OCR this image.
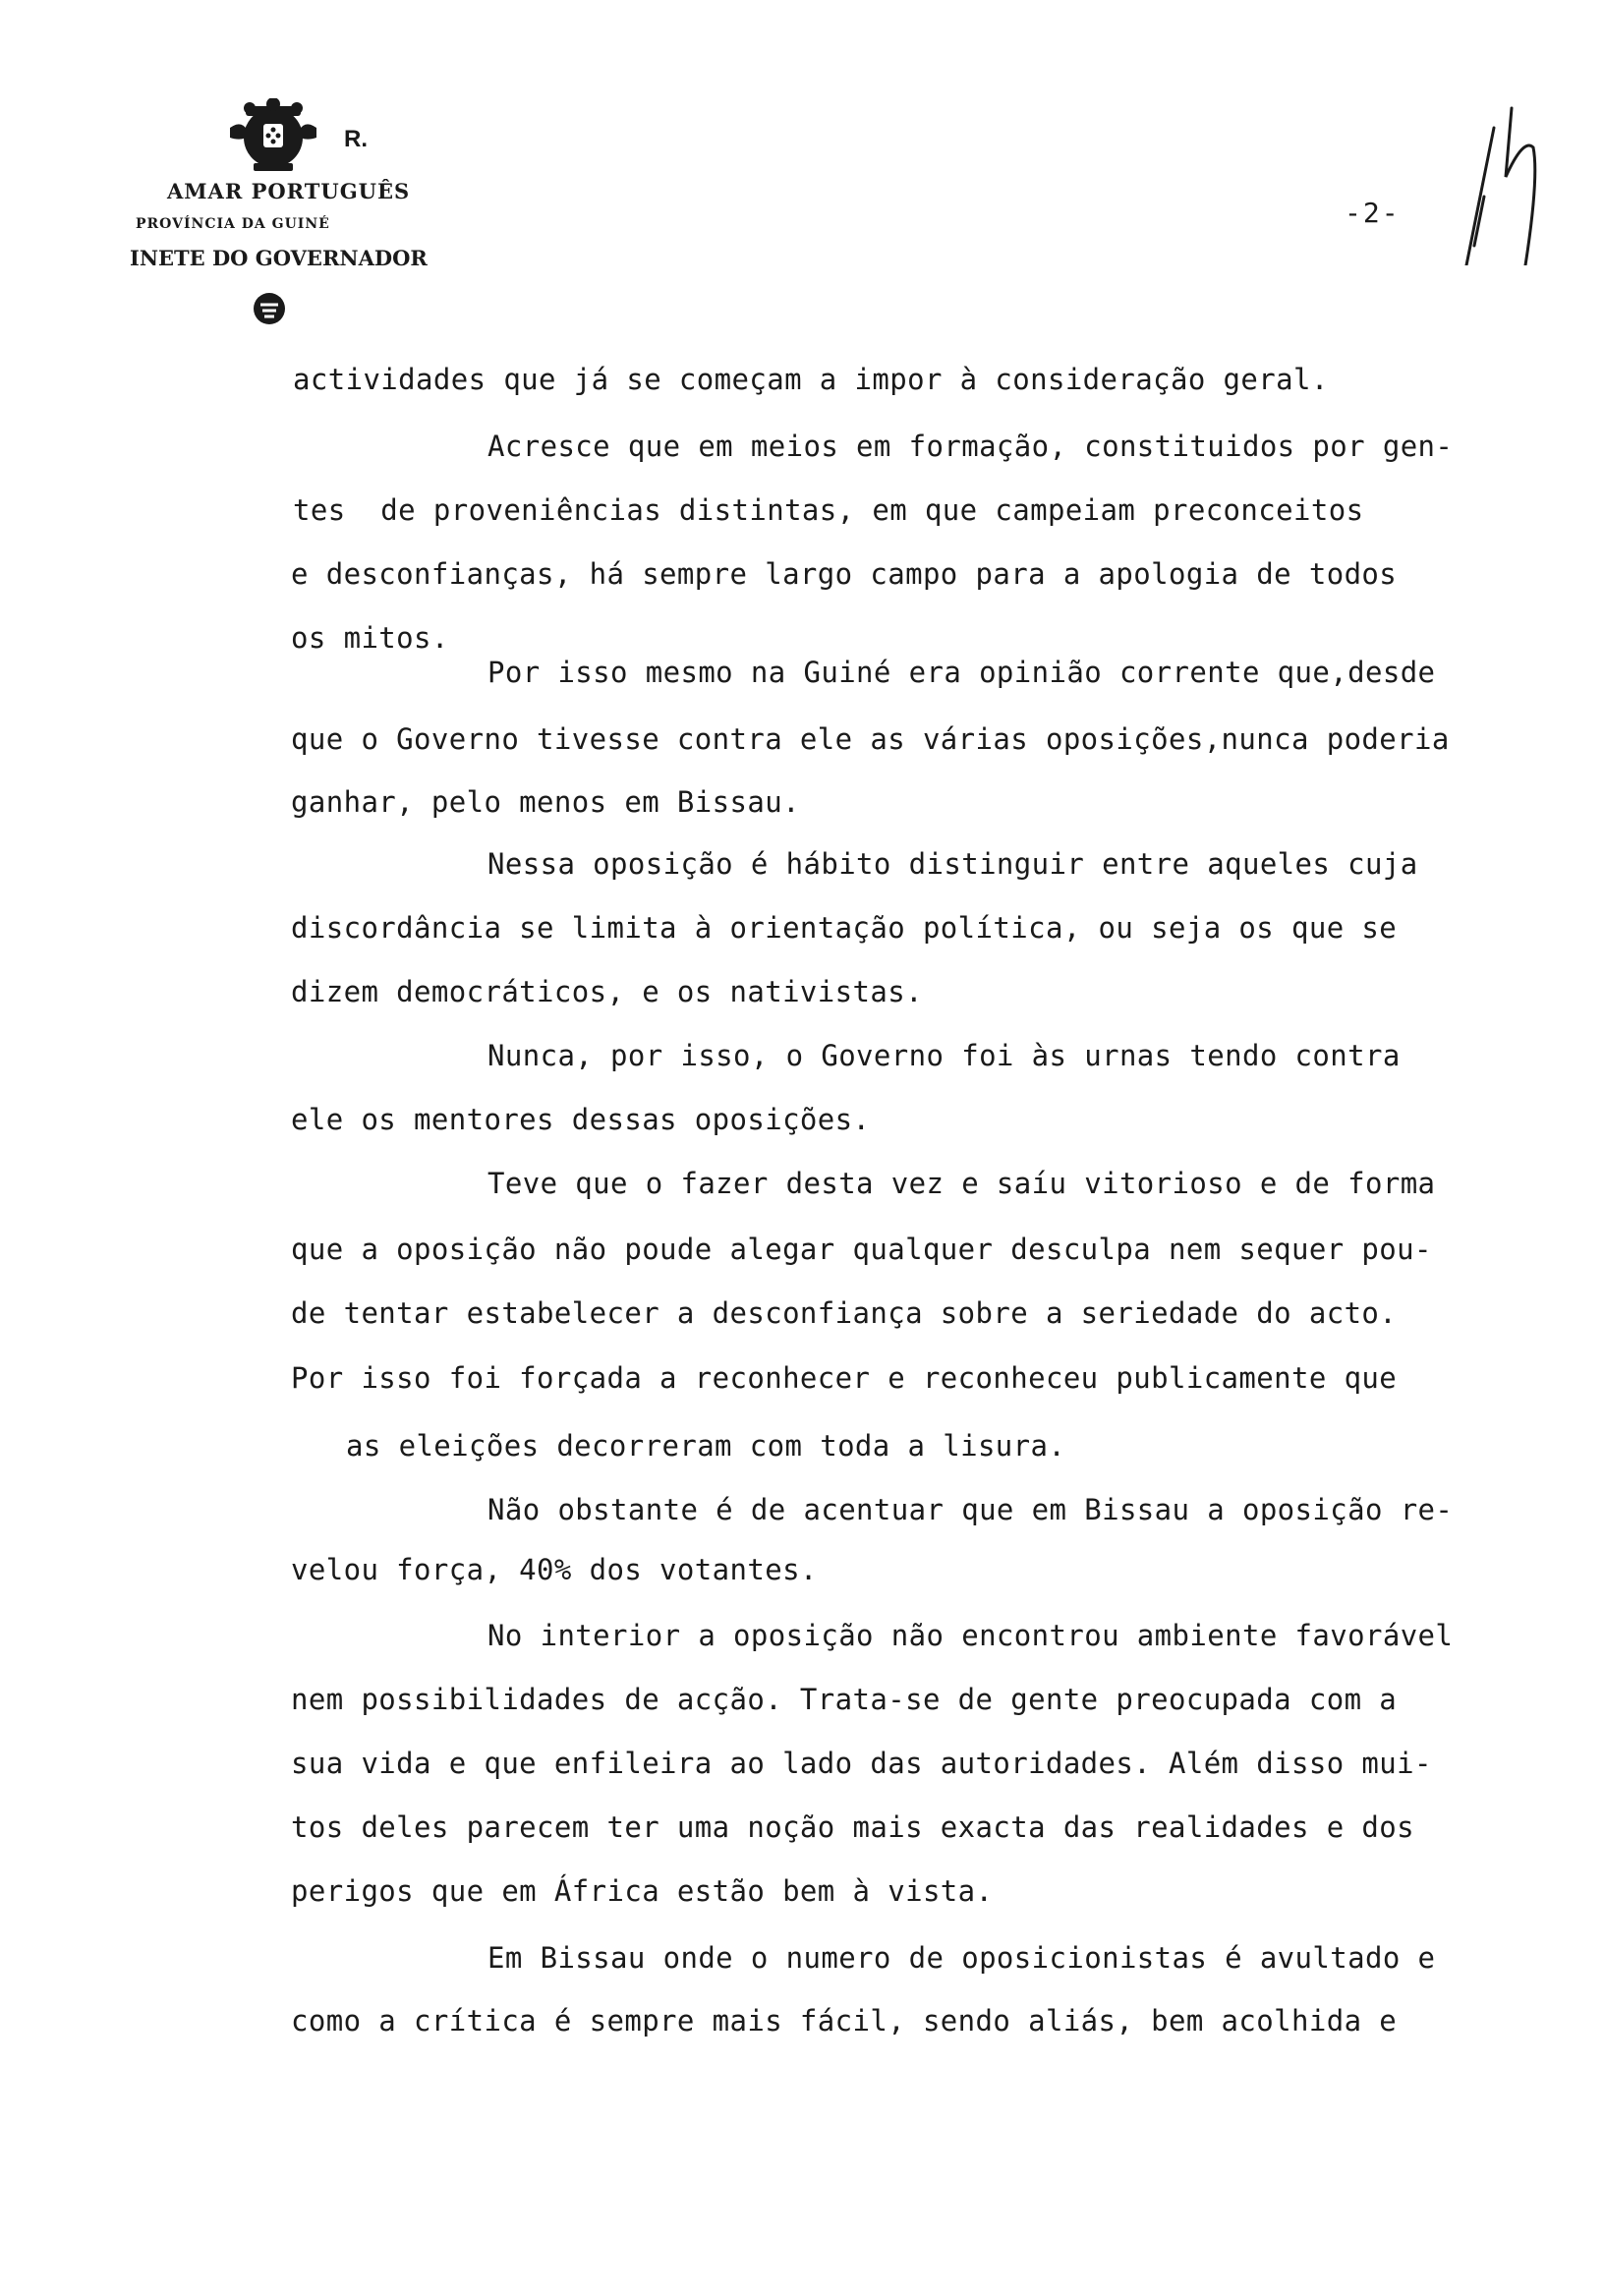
R.
AMAR PORTUGUÊS
PROVÍNCIA DA GUINÉ
INETE DO GOVERNADOR
-2-
actividades que já se começam a impor à consideração geral.
Acresce que em meios em formação, constituidos por gen-
tes  de proveniências distintas, em que campeiam preconceitos
e desconfianças, há sempre largo campo para a apologia de todos
os mitos.
Por isso mesmo na Guiné era opinião corrente que,desde
que o Governo tivesse contra ele as várias oposições,nunca poderia
ganhar, pelo menos em Bissau.
Nessa oposição é hábito distinguir entre aqueles cuja
discordância se limita à orientação política, ou seja os que se
dizem democráticos, e os nativistas.
Nunca, por isso, o Governo foi às urnas tendo contra
ele os mentores dessas oposições.
Teve que o fazer desta vez e saíu vitorioso e de forma
que a oposição não poude alegar qualquer desculpa nem sequer pou-
de tentar estabelecer a desconfiança sobre a seriedade do acto.
Por isso foi forçada a reconhecer e reconheceu publicamente que
as eleições decorreram com toda a lisura.
Não obstante é de acentuar que em Bissau a oposição re-
velou força, 40% dos votantes.
No interior a oposição não encontrou ambiente favorável
nem possibilidades de acção. Trata-se de gente preocupada com a
sua vida e que enfileira ao lado das autoridades. Além disso mui-
tos deles parecem ter uma noção mais exacta das realidades e dos
perigos que em África estão bem à vista.
Em Bissau onde o numero de oposicionistas é avultado e
como a crítica é sempre mais fácil, sendo aliás, bem acolhida e
